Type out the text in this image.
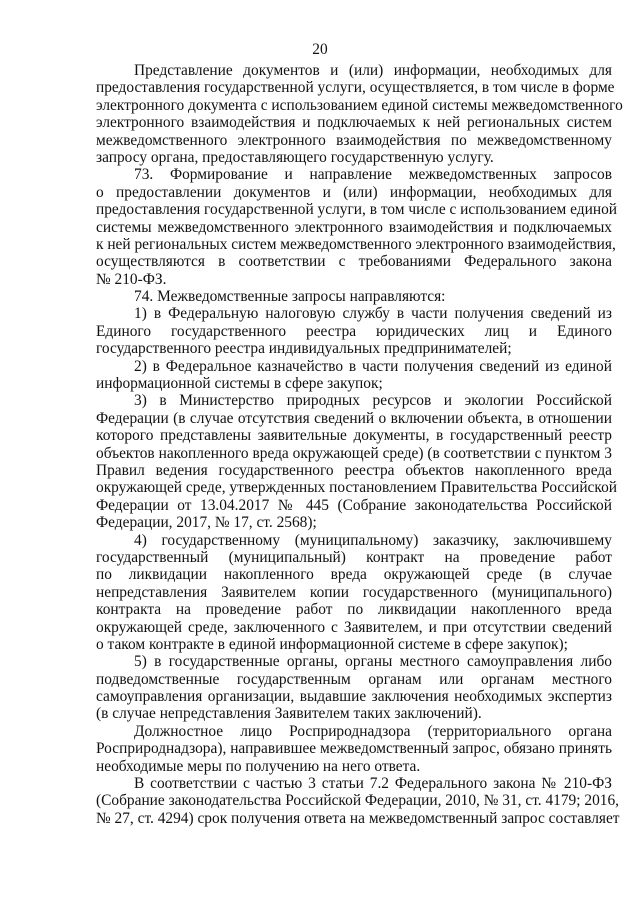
20
Представление документов и (или) информации, необходимых для
предоставления государственной услуги, осуществляется, в том числе в форме
электронного документа с использованием единой системы межведомственного
электронного взаимодействия и подключаемых к ней региональных систем
межведомственного электронного взаимодействия по межведомственному
запросу органа, предоставляющего государственную услугу.
73. Формирование и направление межведомственных запросов
о предоставлении документов и (или) информации, необходимых для
предоставления государственной услуги, в том числе с использованием единой
системы межведомственного электронного взаимодействия и подключаемых
к ней региональных систем межведомственного электронного взаимодействия,
осуществляются в соответствии с требованиями Федерального закона
№ 210-ФЗ.
74. Межведомственные запросы направляются:
1) в Федеральную налоговую службу в части получения сведений из
Единого государственного реестра юридических лиц и Единого
государственного реестра индивидуальных предпринимателей;
2) в Федеральное казначейство в части получения сведений из единой
информационной системы в сфере закупок;
3) в Министерство природных ресурсов и экологии Российской
Федерации (в случае отсутствия сведений о включении объекта, в отношении
которого представлены заявительные документы, в государственный реестр
объектов накопленного вреда окружающей среде) (в соответствии с пунктом 3
Правил ведения государственного реестра объектов накопленного вреда
окружающей среде, утвержденных постановлением Правительства Российской
Федерации от 13.04.2017 № 445 (Собрание законодательства Российской
Федерации, 2017, № 17, ст. 2568);
4) государственному (муниципальному) заказчику, заключившему
государственный (муниципальный) контракт на проведение работ
по ликвидации накопленного вреда окружающей среде (в случае
непредставления Заявителем копии государственного (муниципального)
контракта на проведение работ по ликвидации накопленного вреда
окружающей среде, заключенного с Заявителем, и при отсутствии сведений
о таком контракте в единой информационной системе в сфере закупок);
5) в государственные органы, органы местного самоуправления либо
подведомственные государственным органам или органам местного
самоуправления организации, выдавшие заключения необходимых экспертиз
(в случае непредставления Заявителем таких заключений).
Должностное лицо Росприроднадзора (территориального органа
Росприроднадзора), направившее межведомственный запрос, обязано принять
необходимые меры по получению на него ответа.
В соответствии с частью 3 статьи 7.2 Федерального закона № 210-ФЗ
(Собрание законодательства Российской Федерации, 2010, № 31, ст. 4179; 2016,
№ 27, ст. 4294) срок получения ответа на межведомственный запрос составляет
